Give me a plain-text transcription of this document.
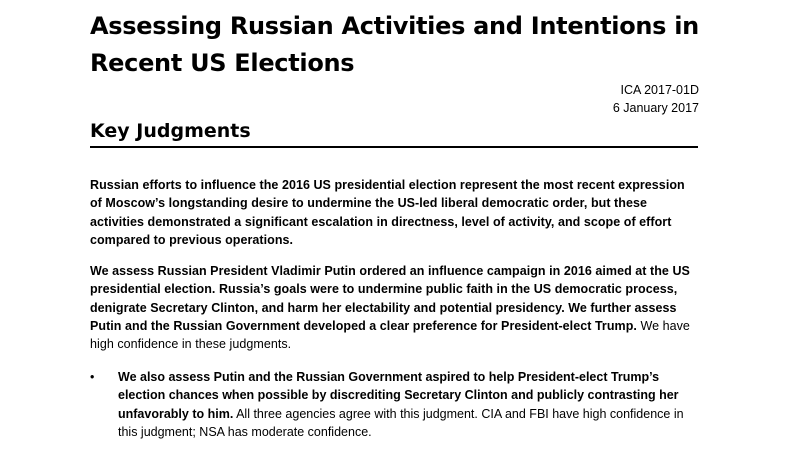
Assessing Russian Activities and Intentions in Recent US Elections
ICA 2017-01D
6 January 2017
Key Judgments

Russian efforts to influence the 2016 US presidential election represent the most recent expression of Moscow’s longstanding desire to undermine the US-led liberal democratic order, but these activities demonstrated a significant escalation in directness, level of activity, and scope of effort compared to previous operations.

We assess Russian President Vladimir Putin ordered an influence campaign in 2016 aimed at the US presidential election. Russia’s goals were to undermine public faith in the US democratic process, denigrate Secretary Clinton, and harm her electability and potential presidency. We further assess Putin and the Russian Government developed a clear preference for President-elect Trump. We have high confidence in these judgments.

•	We also assess Putin and the Russian Government aspired to help President-elect Trump’s election chances when possible by discrediting Secretary Clinton and publicly contrasting her unfavorably to him. All three agencies agree with this judgment. CIA and FBI have high confidence in this judgment; NSA has moderate confidence.
